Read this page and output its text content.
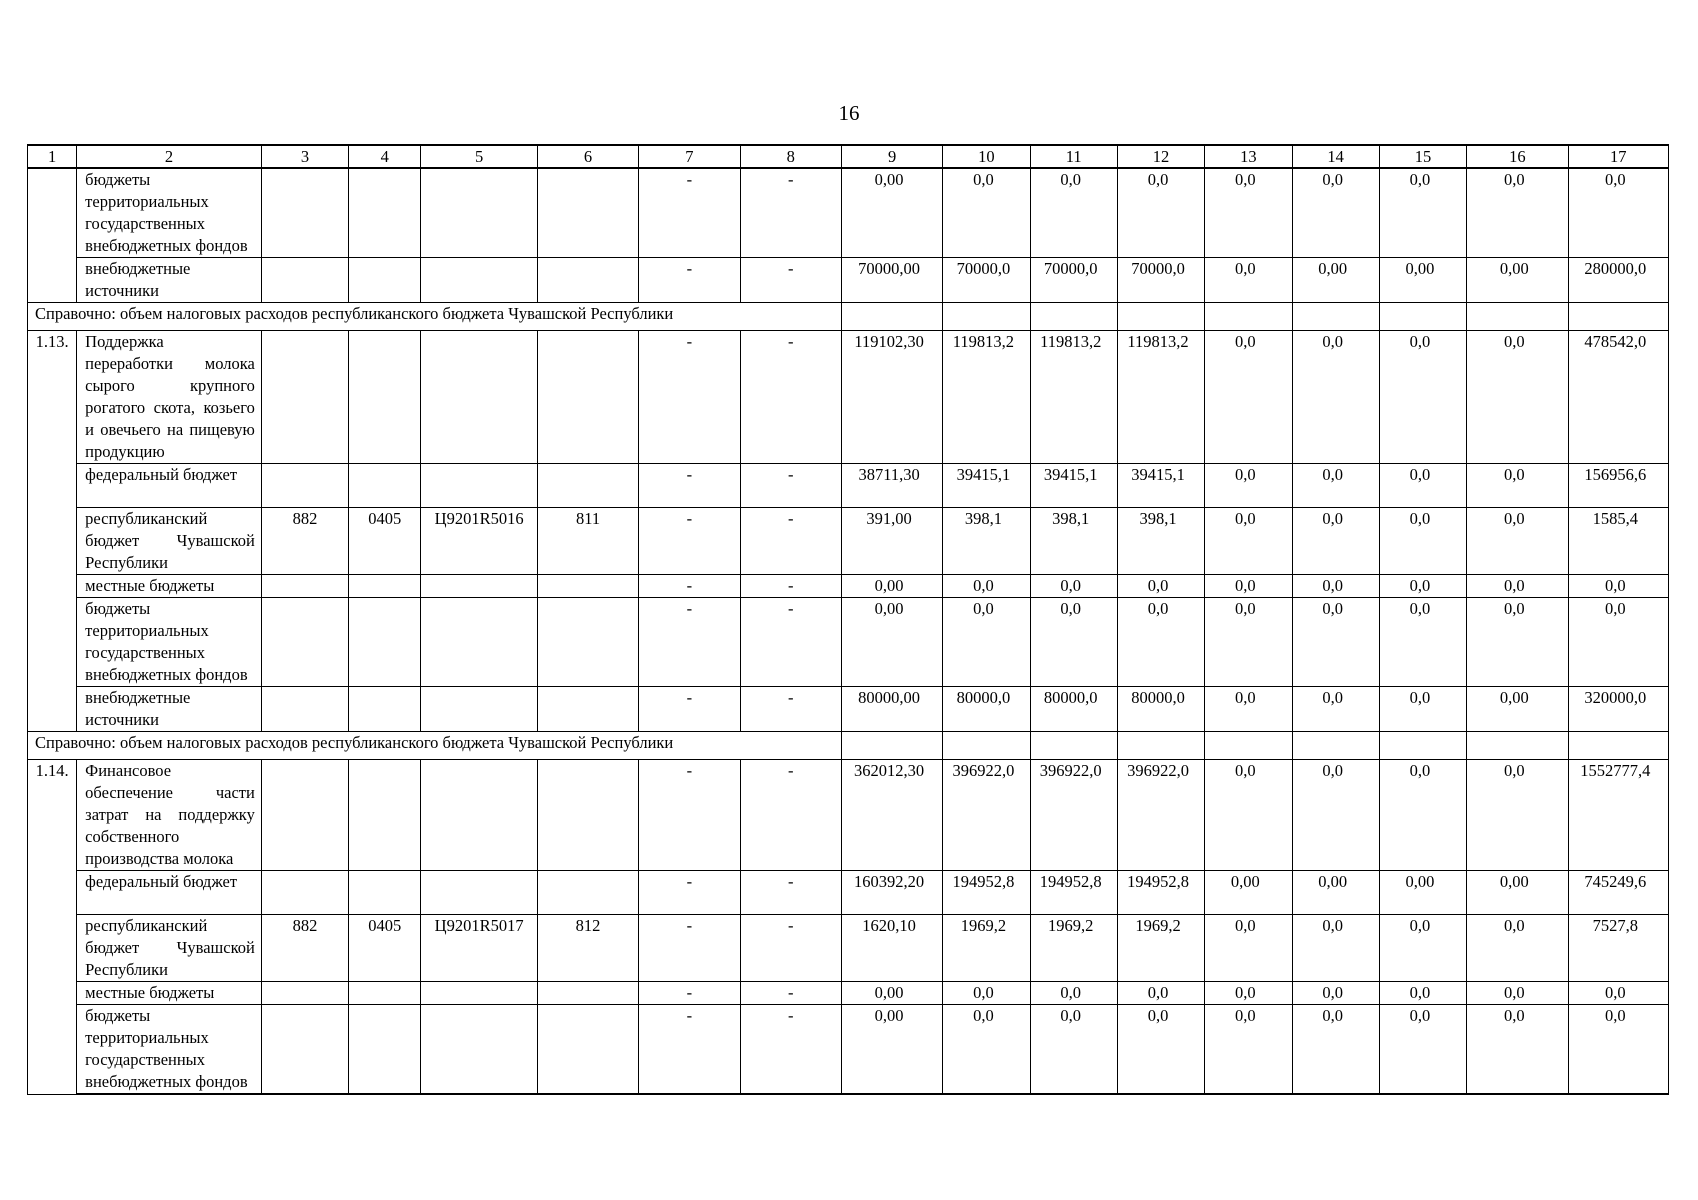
16
1	2	3	4	5	6	7	8	9	10	11	12	13	14	15	16	17
	бюджеты территориальных государственных внебюджетных фондов					-	-	0,00	0,0	0,0	0,0	0,0	0,0	0,0	0,0	0,0
	внебюджетные источники					-	-	70000,00	70000,0	70000,0	70000,0	0,0	0,00	0,00	0,00	280000,0
Справочно: объем налоговых расходов республиканского бюджета Чувашской Республики																
1.13.	Поддержка переработки молока сырого крупного рогатого скота, козьего и овечьего на пищевую продукцию					-	-	119102,30	119813,2	119813,2	119813,2	0,0	0,0	0,0	0,0	478542,0
	федеральный бюджет					-	-	38711,30	39415,1	39415,1	39415,1	0,0	0,0	0,0	0,0	156956,6
	республиканский бюджет Чувашской Республики	882	0405	Ц9201R5016	811	-	-	391,00	398,1	398,1	398,1	0,0	0,0	0,0	0,0	1585,4
	местные бюджеты					-	-	0,00	0,0	0,0	0,0	0,0	0,0	0,0	0,0	0,0
	бюджеты территориальных государственных внебюджетных фондов					-	-	0,00	0,0	0,0	0,0	0,0	0,0	0,0	0,0	0,0
	внебюджетные источники					-	-	80000,00	80000,0	80000,0	80000,0	0,0	0,0	0,0	0,00	320000,0
Справочно: объем налоговых расходов республиканского бюджета Чувашской Республики																
1.14.	Финансовое обеспечение части затрат на поддержку собственного производства молока					-	-	362012,30	396922,0	396922,0	396922,0	0,0	0,0	0,0	0,0	1552777,4
	федеральный бюджет					-	-	160392,20	194952,8	194952,8	194952,8	0,00	0,00	0,00	0,00	745249,6
	республиканский бюджет Чувашской Республики	882	0405	Ц9201R5017	812	-	-	1620,10	1969,2	1969,2	1969,2	0,0	0,0	0,0	0,0	7527,8
	местные бюджеты					-	-	0,00	0,0	0,0	0,0	0,0	0,0	0,0	0,0	0,0
	бюджеты территориальных государственных внебюджетных фондов					-	-	0,00	0,0	0,0	0,0	0,0	0,0	0,0	0,0	0,0
